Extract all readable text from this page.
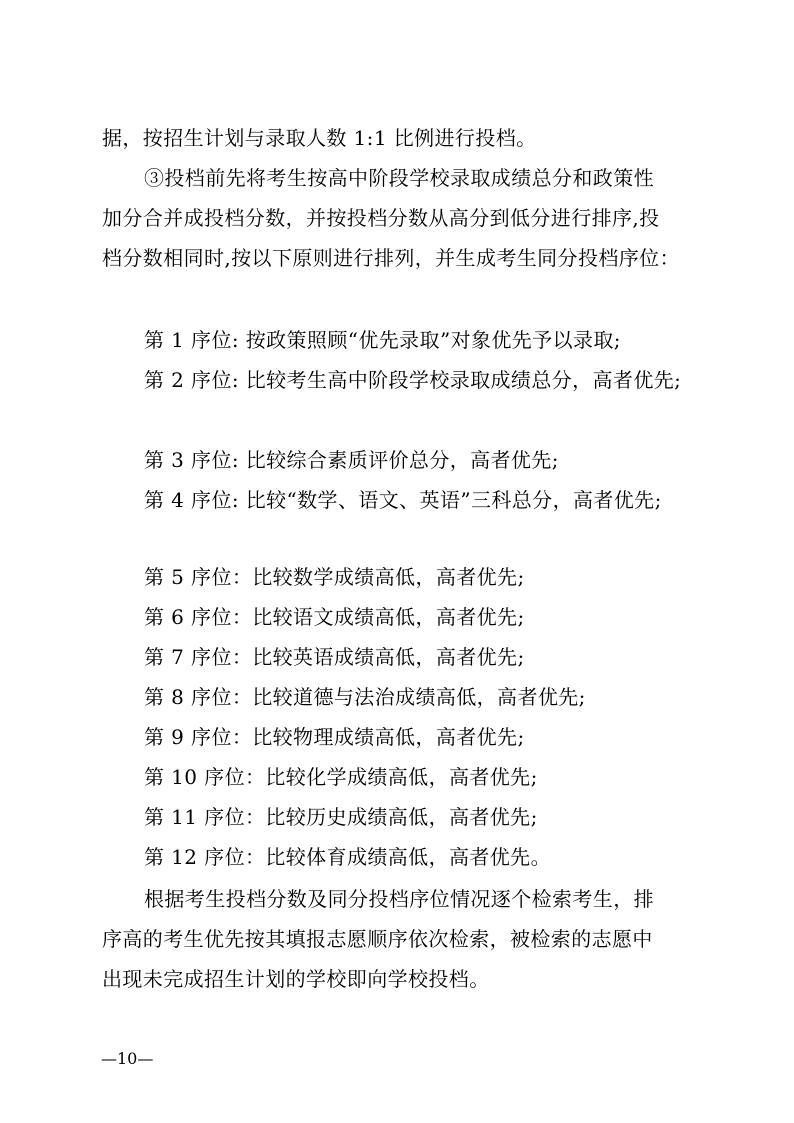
据，按招生计划与录取人数 1:1 比例进行投档。
③投档前先将考生按高中阶段学校录取成绩总分和政策性
加分合并成投档分数，并按投档分数从高分到低分进行排序,投
档分数相同时,按以下原则进行排列，并生成考生同分投档序位：
第 1 序位: 按政策照顾“优先录取”对象优先予以录取;
第 2 序位: 比较考生高中阶段学校录取成绩总分，高者优先;
第 3 序位: 比较综合素质评价总分，高者优先;
第 4 序位: 比较“数学、语文、英语”三科总分，高者优先;
第 5 序位：比较数学成绩高低，高者优先;
第 6 序位：比较语文成绩高低，高者优先;
第 7 序位：比较英语成绩高低，高者优先;
第 8 序位：比较道德与法治成绩高低，高者优先;
第 9 序位：比较物理成绩高低，高者优先;
第 10 序位：比较化学成绩高低，高者优先;
第 11 序位：比较历史成绩高低，高者优先;
第 12 序位：比较体育成绩高低，高者优先。
根据考生投档分数及同分投档序位情况逐个检索考生，排
序高的考生优先按其填报志愿顺序依次检索，被检索的志愿中
出现未完成招生计划的学校即向学校投档。
—10—
